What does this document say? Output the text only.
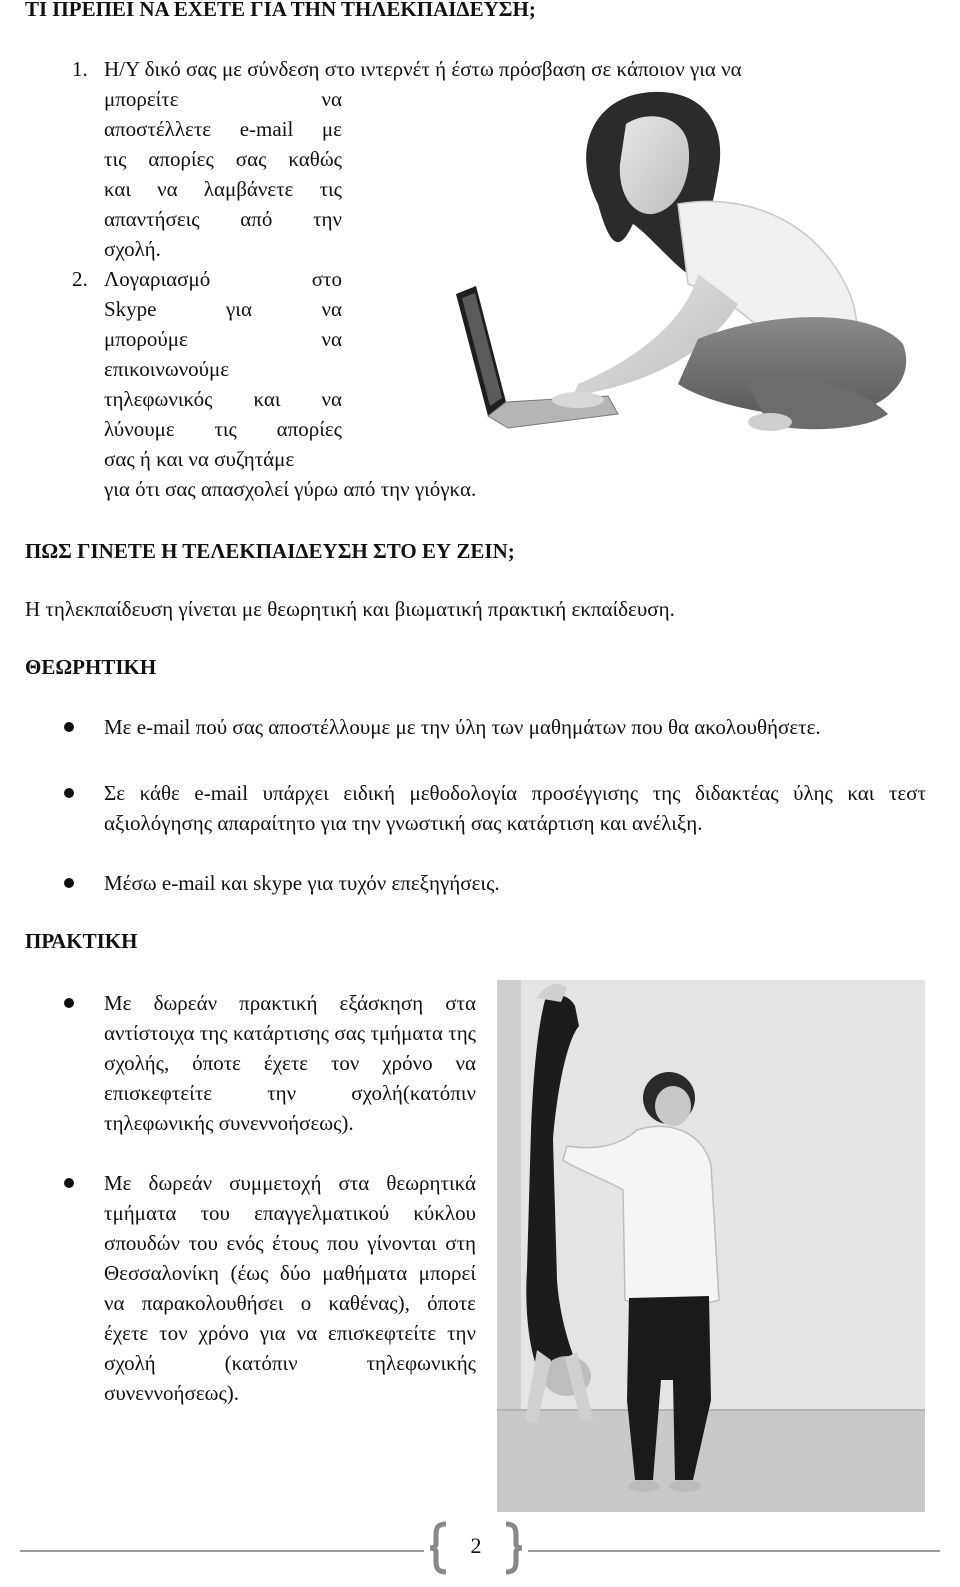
ΤΙ ΠΡΕΠΕΙ ΝΑ ΕΧΕΤΕ ΓΙΑ ΤΗΝ ΤΗΛΕΚΠΑΙΔΕΥΣΗ;
1. Η/Υ δικό σας με σύνδεση στο ιντερνέτ ή έστω πρόσβαση σε κάποιον για να
μπορείτε να
αποστέλλετε e-mail με
τις απορίες σας καθώς
και να λαμβάνετε τις
απαντήσεις από την
σχολή.
2. Λογαριασμό στο
Skype για να
μπορούμε να
επικοινωνούμε
τηλεφωνικός και να
λύνουμε τις απορίες
σας ή και να συζητάμε
για ότι σας απασχολεί γύρω από την γιόγκα.
ΠΩΣ ΓΙΝΕΤΕ Η ΤΕΛΕΚΠΑΙΔΕΥΣΗ ΣΤΟ ΕΥ ΖΕΙΝ;
Η τηλεκπαίδευση γίνεται με θεωρητική και βιωματική πρακτική εκπαίδευση.
ΘΕΩΡΗΤΙΚΗ
Με e-mail πού σας αποστέλλουμε με την ύλη των μαθημάτων που θα ακολουθήσετε.
Σε κάθε e-mail υπάρχει ειδική μεθοδολογία προσέγγισης της διδακτέας ύλης και τεστ αξιολόγησης απαραίτητο για την γνωστική σας κατάρτιση και ανέλιξη.
Μέσω e-mail και skype για τυχόν επεξηγήσεις.
ΠΡΑΚΤΙΚΗ
Με δωρεάν πρακτική εξάσκηση στα αντίστοιχα της κατάρτισης σας τμήματα της σχολής, όποτε έχετε τον χρόνο να επισκεφτείτε την σχολή(κατόπιν τηλεφωνικής συνεννοήσεως).
Με δωρεάν συμμετοχή στα θεωρητικά τμήματα του επαγγελματικού κύκλου σπουδών του ενός έτους που γίνονται στη Θεσσαλονίκη (έως δύο μαθήματα μπορεί να παρακολουθήσει ο καθένας), όποτε έχετε τον χρόνο για να επισκεφτείτε την σχολή (κατόπιν τηλεφωνικής συνεννοήσεως).
2
